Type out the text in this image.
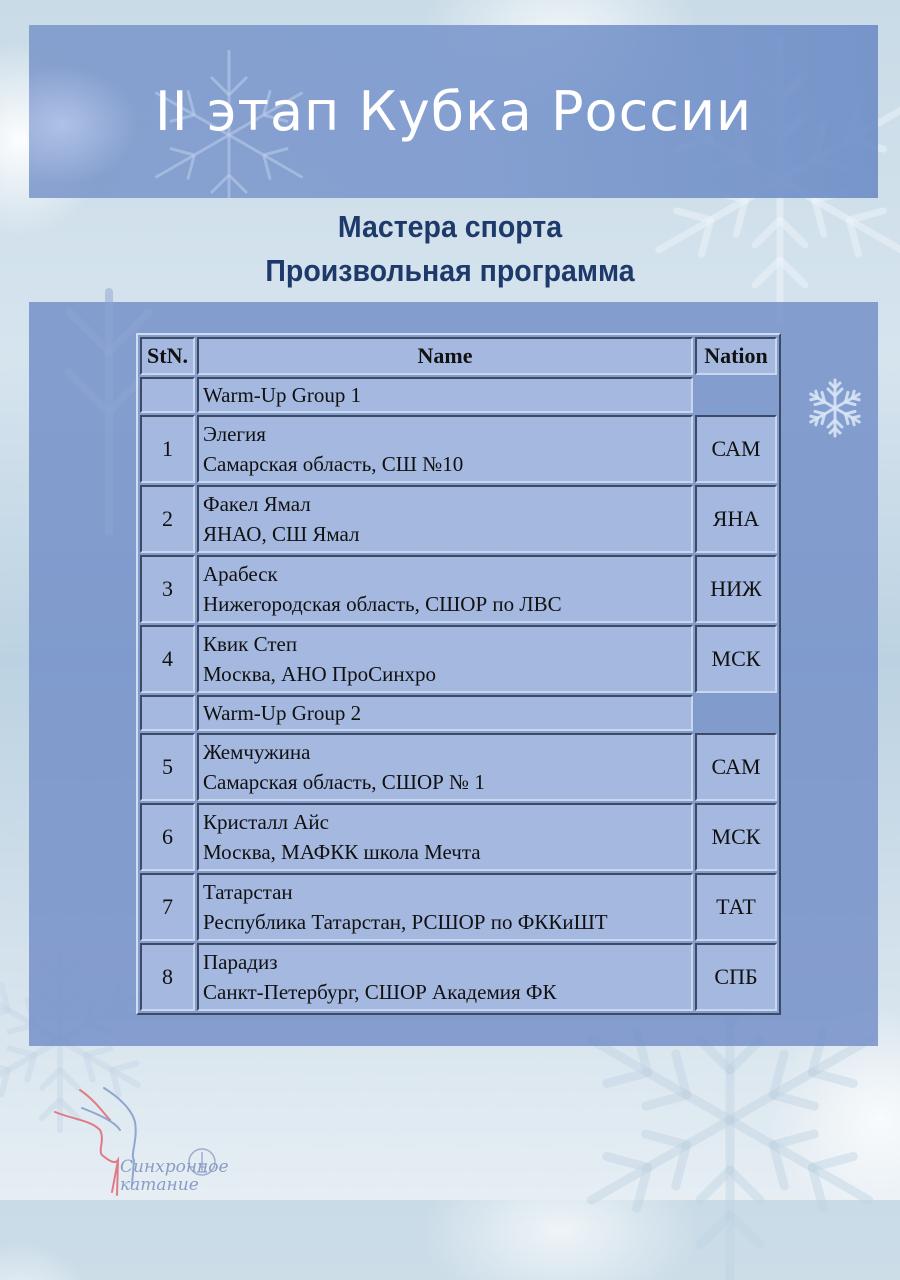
II этап Кубка России
Мастера спорта
Произвольная программа
StN.	Name	Nation
	Warm-Up Group 1	
1	Элегия
Самарская область, СШ №10	САМ
2	Факел Ямал
ЯНАО, СШ Ямал	ЯНА
3	Арабеск
Нижегородская область, СШОР по ЛВС	НИЖ
4	Квик Степ
Москва, АНО ПроСинхро	МСК
	Warm-Up Group 2	
5	Жемчужина
Самарская область, СШОР № 1	САМ
6	Кристалл Айс
Москва, МАФКК школа Мечта	МСК
7	Татарстан
Республика Татарстан, РСШОР по ФККиШТ	ТАТ
8	Парадиз
Санкт-Петербург, СШОР Академия ФК	СПБ
Синхронное
катание
